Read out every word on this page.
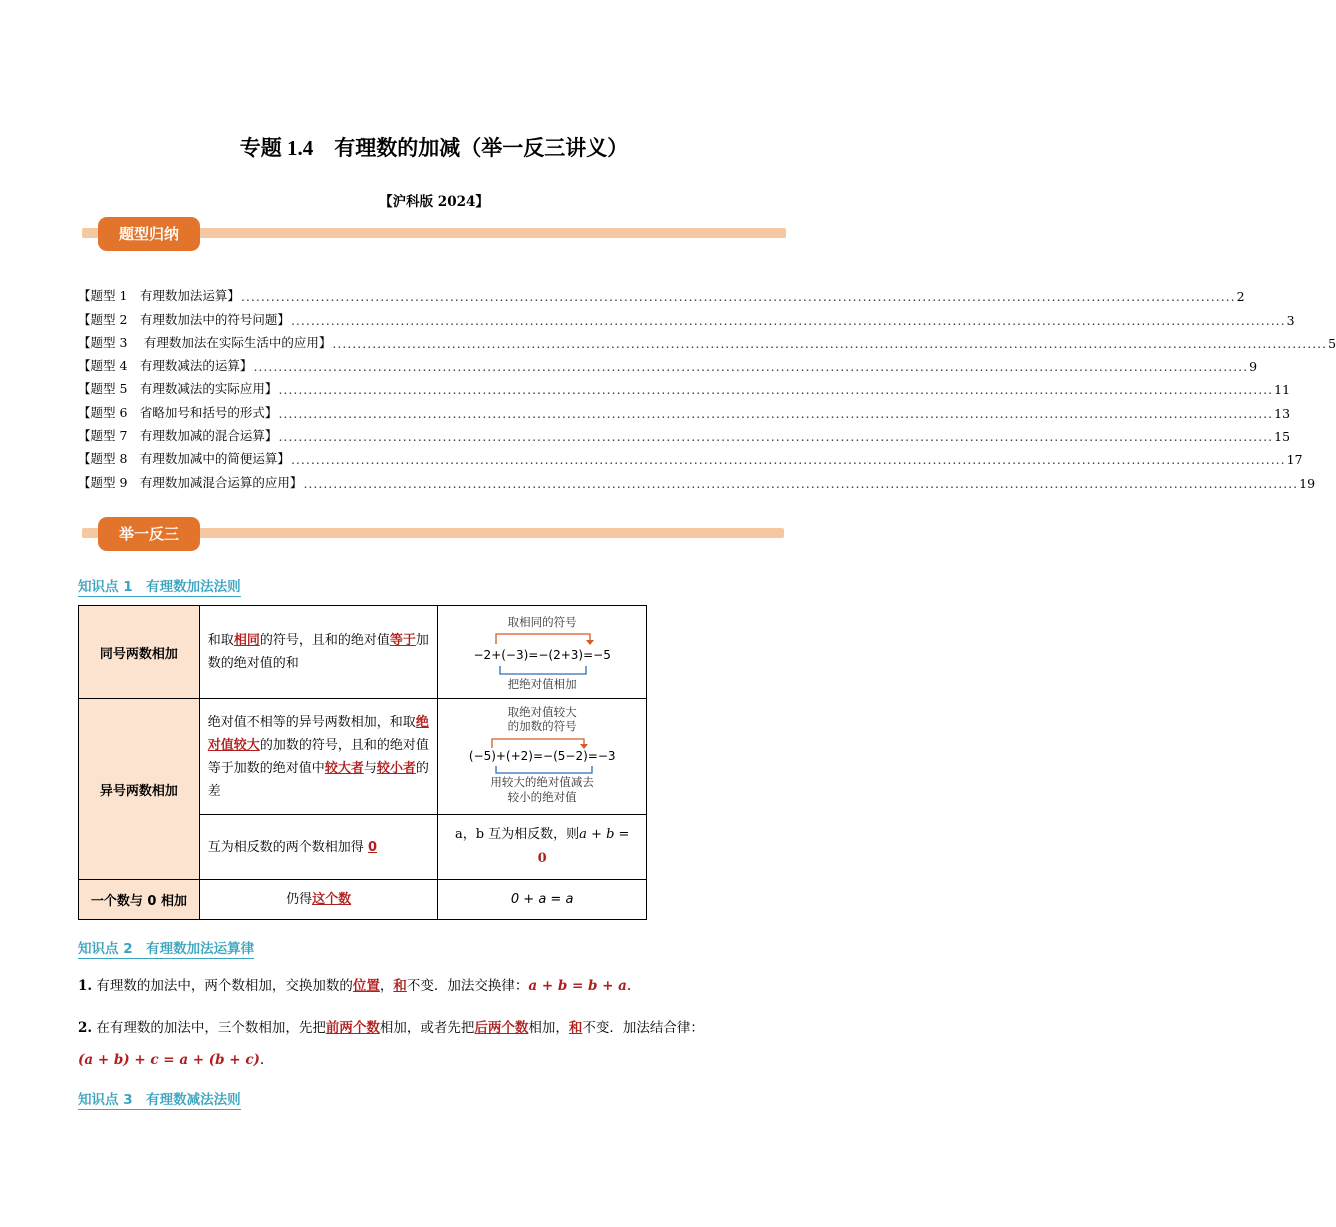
专题 1.4　有理数的加减（举一反三讲义）
【沪科版 2024】
题型归纳
【题型 1　有理数加法运算】 ........................................................................................................................................................................................................ 2
【题型 2　有理数加法中的符号问题】 ........................................................................................................................................................................................................ 3
【题型 3　 有理数加法在实际生活中的应用】 ........................................................................................................................................................................................................ 5
【题型 4　有理数减法的运算】 ........................................................................................................................................................................................................ 9
【题型 5　有理数减法的实际应用】 ........................................................................................................................................................................................................ 11
【题型 6　省略加号和括号的形式】 ........................................................................................................................................................................................................ 13
【题型 7　有理数加减的混合运算】 ........................................................................................................................................................................................................ 15
【题型 8　有理数加减中的简便运算】 ........................................................................................................................................................................................................ 17
【题型 9　有理数加减混合运算的应用】 ........................................................................................................................................................................................................ 19
举一反三
知识点 1　有理数加法法则
同号两数相加	和取相同的符号，且和的绝对值等于加数的绝对值的和	取相同的符号
−2+(−3)=−(2+3)=−5
把绝对值相加

异号两数相加	绝对值不相等的异号两数相加，和取绝对值较大的加数的符号，且和的绝对值等于加数的绝对值中较大者与较小者的差	取绝对值较大
的加数的符号
(−5)+(+2)=−(5−2)=−3
用较大的绝对值减去
较小的绝对值

	互为相反数的两个数相加得 0	a，b 互为相反数，则a + b =
0

一个数与 0 相加	仍得这个数	0 + a = a
知识点 2　有理数加法运算律
1. 有理数的加法中，两个数相加，交换加数的位置，和不变．加法交换律：a + b = b + a.
2. 在有理数的加法中，三个数相加，先把前两个数相加，或者先把后两个数相加，和不变．加法结合律：
(a + b) + c = a + (b + c).
知识点 3　有理数减法法则
